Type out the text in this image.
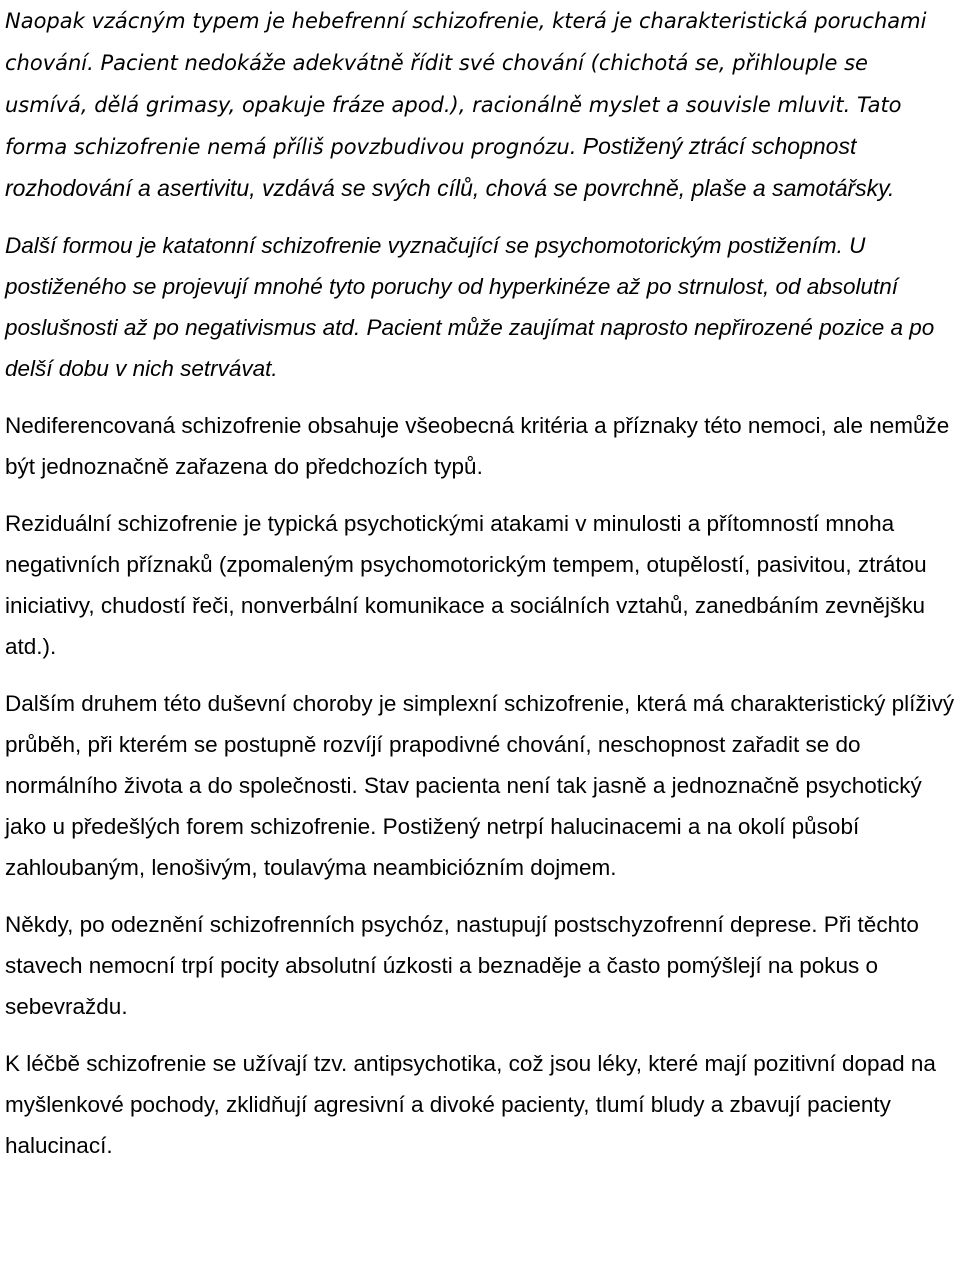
Naopak vzácným typem je hebefrenní schizofrenie, která je charakteristická poruchami chování. Pacient nedokáže adekvátně řídit své chování (chichotá se, přihlouple se usmívá, dělá grimasy, opakuje fráze apod.), racionálně myslet a souvisle mluvit. Tato forma schizofrenie nemá příliš povzbudivou prognózu. Postižený ztrácí schopnost rozhodování a asertivitu, vzdává se svých cílů, chová se povrchně, plaše a samotářsky.

Další formou je katatonní schizofrenie vyznačující se psychomotorickým postižením. U postiženého se projevují mnohé tyto poruchy od hyperkinéze až po strnulost, od absolutní poslušnosti až po negativismus atd. Pacient může zaujímat naprosto nepřirozené pozice a po delší dobu v nich setrvávat.

Nediferencovaná schizofrenie obsahuje všeobecná kritéria a příznaky této nemoci, ale nemůže být jednoznačně zařazena do předchozích typů.

Reziduální schizofrenie je typická psychotickými atakami v minulosti a přítomností mnoha negativních příznaků (zpomaleným psychomotorickým tempem, otupělostí, pasivitou, ztrátou iniciativy, chudostí řeči, nonverbální komunikace a sociálních vztahů, zanedbáním zevnějšku atd.).

Dalším druhem této duševní choroby je simplexní schizofrenie, která má charakteristický plíživý průběh, při kterém se postupně rozvíjí prapodivné chování, neschopnost zařadit se do normálního života a do společnosti. Stav pacienta není tak jasně a jednoznačně psychotický jako u předešlých forem schizofrenie. Postižený netrpí halucinacemi a na okolí působí zahloubaným, lenošivým, toulavýma neambiciózním dojmem.

Někdy, po odeznění schizofrenních psychóz, nastupují postschyzofrenní deprese. Při těchto stavech nemocní trpí pocity absolutní úzkosti a beznaděje a často pomýšlejí na pokus o sebevraždu.

K léčbě schizofrenie se užívají tzv. antipsychotika, což jsou léky, které mají pozitivní dopad na myšlenkové pochody, zklidňují agresivní a divoké pacienty, tlumí bludy a zbavují pacienty halucinací.
